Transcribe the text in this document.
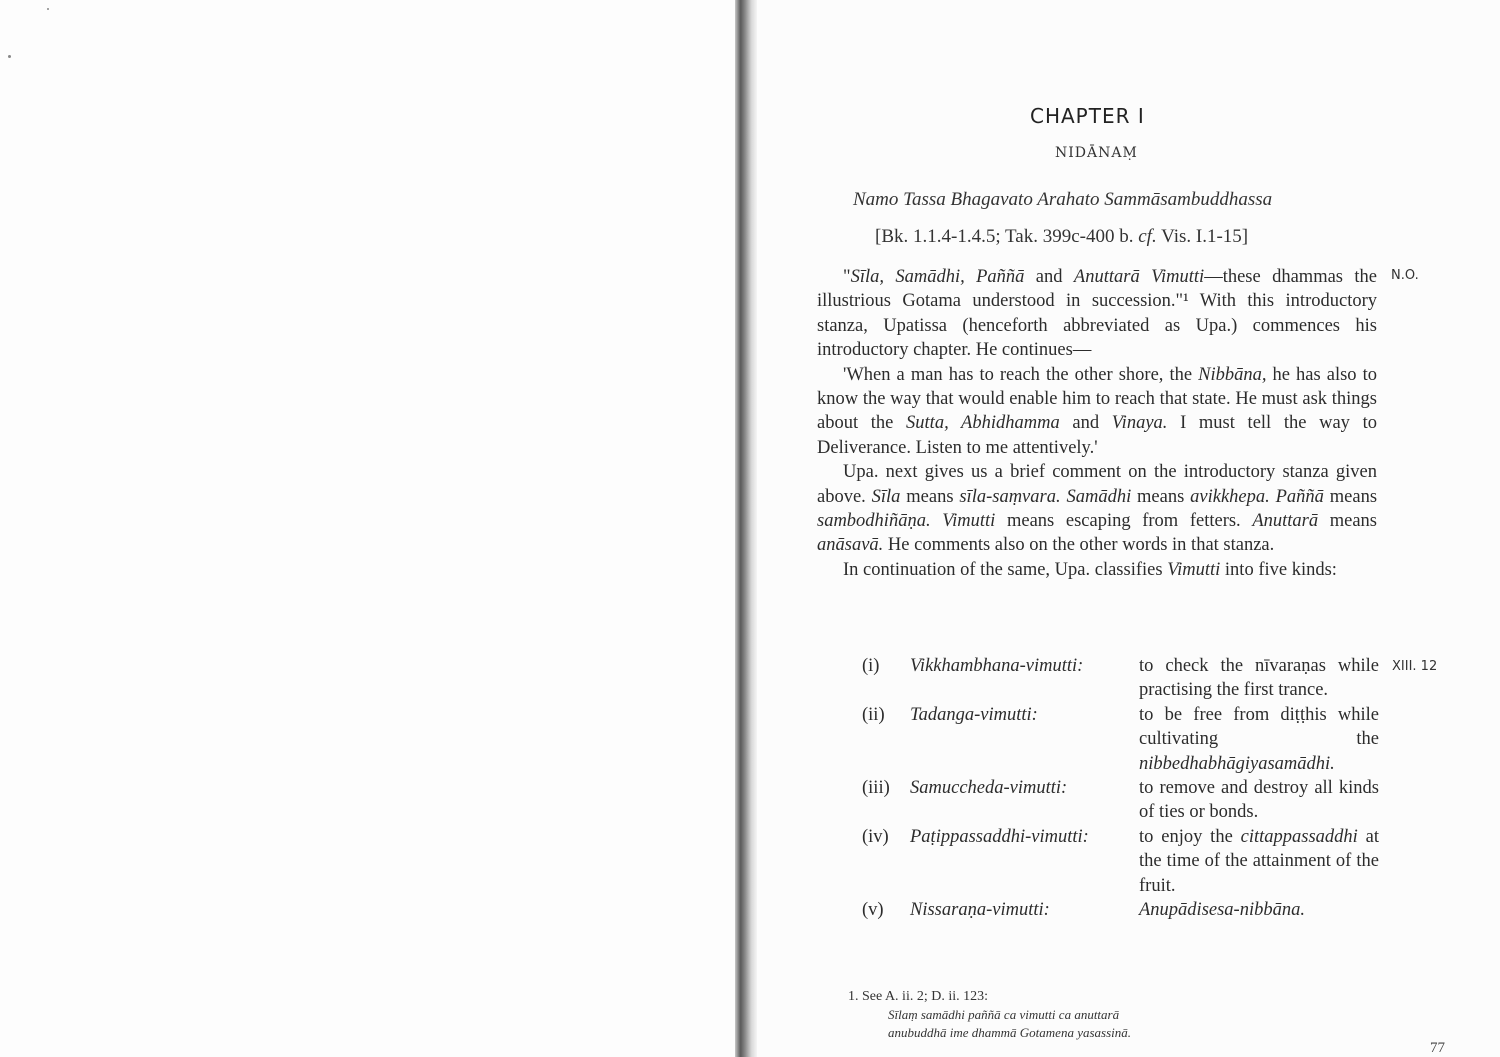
CHAPTER I
NIDĀNAṂ
Namo Tassa Bhagavato Arahato Sammāsambuddhassa
[Bk. 1.1.4-1.4.5; Tak. 399c-400 b. cf. Vis. I.1-15]

"Sīla, Samādhi, Paññā and Anuttarā Vimutti—these dhammas the illustrious Gotama understood in succession."¹ With this introductory stanza, Upatissa (henceforth abbreviated as Upa.) commences his introductory chapter. He continues—

'When a man has to reach the other shore, the Nibbāna, he has also to know the way that would enable him to reach that state. He must ask things about the Sutta, Abhidhamma and Vinaya. I must tell the way to Deliverance. Listen to me attentively.'

Upa. next gives us a brief comment on the introductory stanza given above. Sīla means sīla-saṃvara. Samādhi means avikkhepa. Paññā means sambodhiñāṇa. Vimutti means escaping from fetters. Anuttarā means anāsavā. He comments also on the other words in that stanza.

In continuation of the same, Upa. classifies Vimutti into five kinds:

(i)	Vikkhambhana-vimutti:	to check the nīvaraṇas while practising the first trance.
(ii)	Tadanga-vimutti:	to be free from diṭṭhis while cultivating the nibbedhabhāgiyasamādhi.
(iii)	Samuccheda-vimutti:	to remove and destroy all kinds of ties or bonds.
(iv)	Paṭippassaddhi-vimutti:	to enjoy the cittappassaddhi at the time of the attainment of the fruit.
(v)	Nissaraṇa-vimutti:	Anupādisesa-nibbāna.
N.O.
XIII. 12
1. See A. ii. 2; D. ii. 123:
Sīlaṃ samādhi paññā ca vimutti ca anuttarā
anubuddhā ime dhammā Gotamena yasassinā.
77
